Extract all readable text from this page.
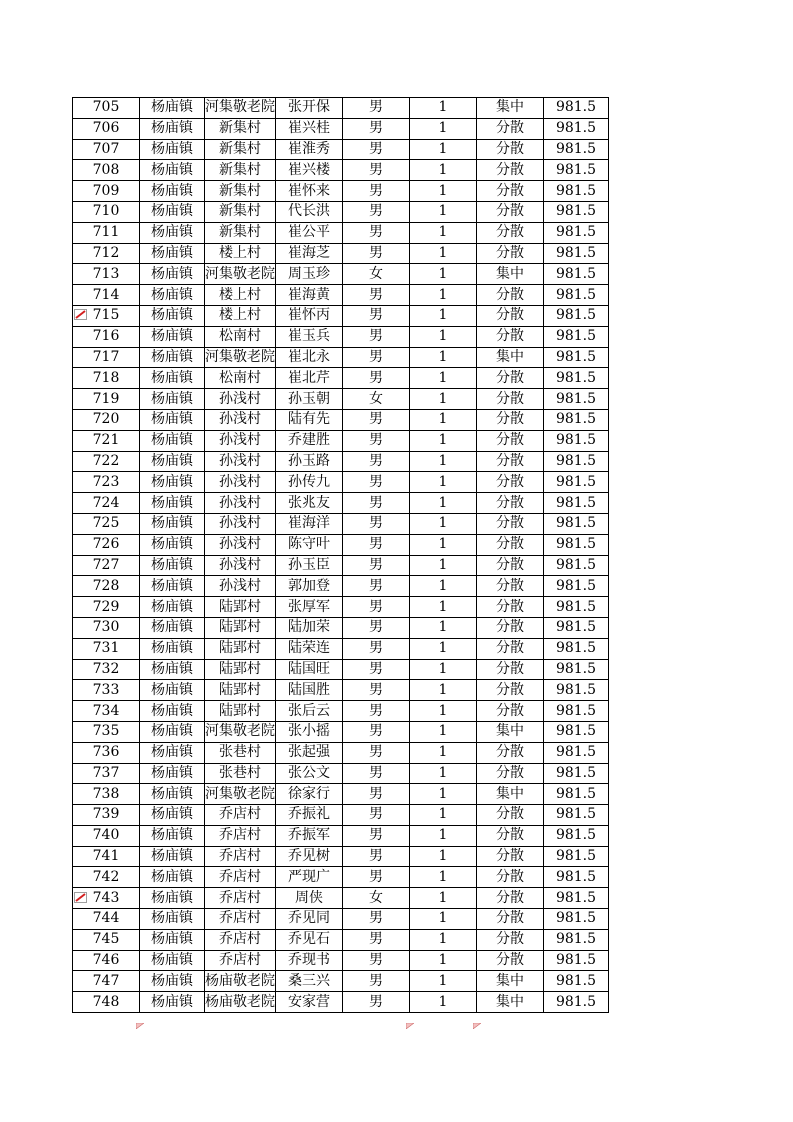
705	杨庙镇	河集敬老院	张开保	男	1	集中	981.5
706	杨庙镇	新集村	崔兴桂	男	1	分散	981.5
707	杨庙镇	新集村	崔淮秀	男	1	分散	981.5
708	杨庙镇	新集村	崔兴楼	男	1	分散	981.5
709	杨庙镇	新集村	崔怀来	男	1	分散	981.5
710	杨庙镇	新集村	代长洪	男	1	分散	981.5
711	杨庙镇	新集村	崔公平	男	1	分散	981.5
712	杨庙镇	楼上村	崔海芝	男	1	分散	981.5
713	杨庙镇	河集敬老院	周玉珍	女	1	集中	981.5
714	杨庙镇	楼上村	崔海黄	男	1	分散	981.5
715	杨庙镇	楼上村	崔怀丙	男	1	分散	981.5
716	杨庙镇	松南村	崔玉兵	男	1	分散	981.5
717	杨庙镇	河集敬老院	崔北永	男	1	集中	981.5
718	杨庙镇	松南村	崔北芹	男	1	分散	981.5
719	杨庙镇	孙浅村	孙玉朝	女	1	分散	981.5
720	杨庙镇	孙浅村	陆有先	男	1	分散	981.5
721	杨庙镇	孙浅村	乔建胜	男	1	分散	981.5
722	杨庙镇	孙浅村	孙玉路	男	1	分散	981.5
723	杨庙镇	孙浅村	孙传九	男	1	分散	981.5
724	杨庙镇	孙浅村	张兆友	男	1	分散	981.5
725	杨庙镇	孙浅村	崔海洋	男	1	分散	981.5
726	杨庙镇	孙浅村	陈守叶	男	1	分散	981.5
727	杨庙镇	孙浅村	孙玉臣	男	1	分散	981.5
728	杨庙镇	孙浅村	郭加登	男	1	分散	981.5
729	杨庙镇	陆郢村	张厚军	男	1	分散	981.5
730	杨庙镇	陆郢村	陆加荣	男	1	分散	981.5
731	杨庙镇	陆郢村	陆荣连	男	1	分散	981.5
732	杨庙镇	陆郢村	陆国旺	男	1	分散	981.5
733	杨庙镇	陆郢村	陆国胜	男	1	分散	981.5
734	杨庙镇	陆郢村	张后云	男	1	分散	981.5
735	杨庙镇	河集敬老院	张小摇	男	1	集中	981.5
736	杨庙镇	张巷村	张起强	男	1	分散	981.5
737	杨庙镇	张巷村	张公文	男	1	分散	981.5
738	杨庙镇	河集敬老院	徐家行	男	1	集中	981.5
739	杨庙镇	乔店村	乔振礼	男	1	分散	981.5
740	杨庙镇	乔店村	乔振军	男	1	分散	981.5
741	杨庙镇	乔店村	乔见树	男	1	分散	981.5
742	杨庙镇	乔店村	严现广	男	1	分散	981.5
743	杨庙镇	乔店村	周侠	女	1	分散	981.5
744	杨庙镇	乔店村	乔见同	男	1	分散	981.5
745	杨庙镇	乔店村	乔见石	男	1	分散	981.5
746	杨庙镇	乔店村	乔现书	男	1	分散	981.5
747	杨庙镇	杨庙敬老院	桑三兴	男	1	集中	981.5
748	杨庙镇	杨庙敬老院	安家营	男	1	集中	981.5
